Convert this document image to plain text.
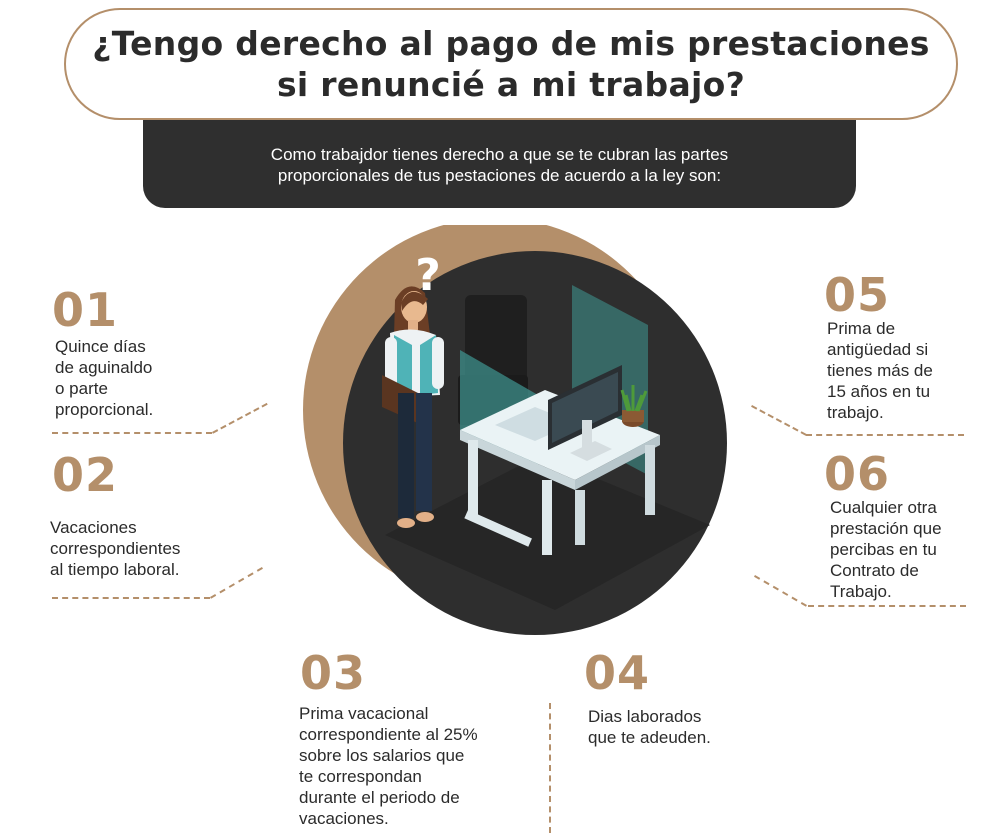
¿Tengo derecho al pago de mis prestaciones
si renuncié a mi trabajo?
Como trabajdor tienes derecho a que se te cubran las partes
proporcionales de tus pestaciones de acuerdo a la ley son:
?
01
Quince días
de aguinaldo
o parte
proporcional.
02
Vacaciones
correspondientes
al tiempo laboral.
03
Prima vacacional
correspondiente al 25%
sobre los salarios que
te correspondan
durante el periodo de
vacaciones.
04
Dias laborados
que te adeuden.
05
Prima de
antigüedad si
tienes más de
15 años en tu
trabajo.
06
Cualquier otra
prestación que
percibas en tu
Contrato de
Trabajo.
